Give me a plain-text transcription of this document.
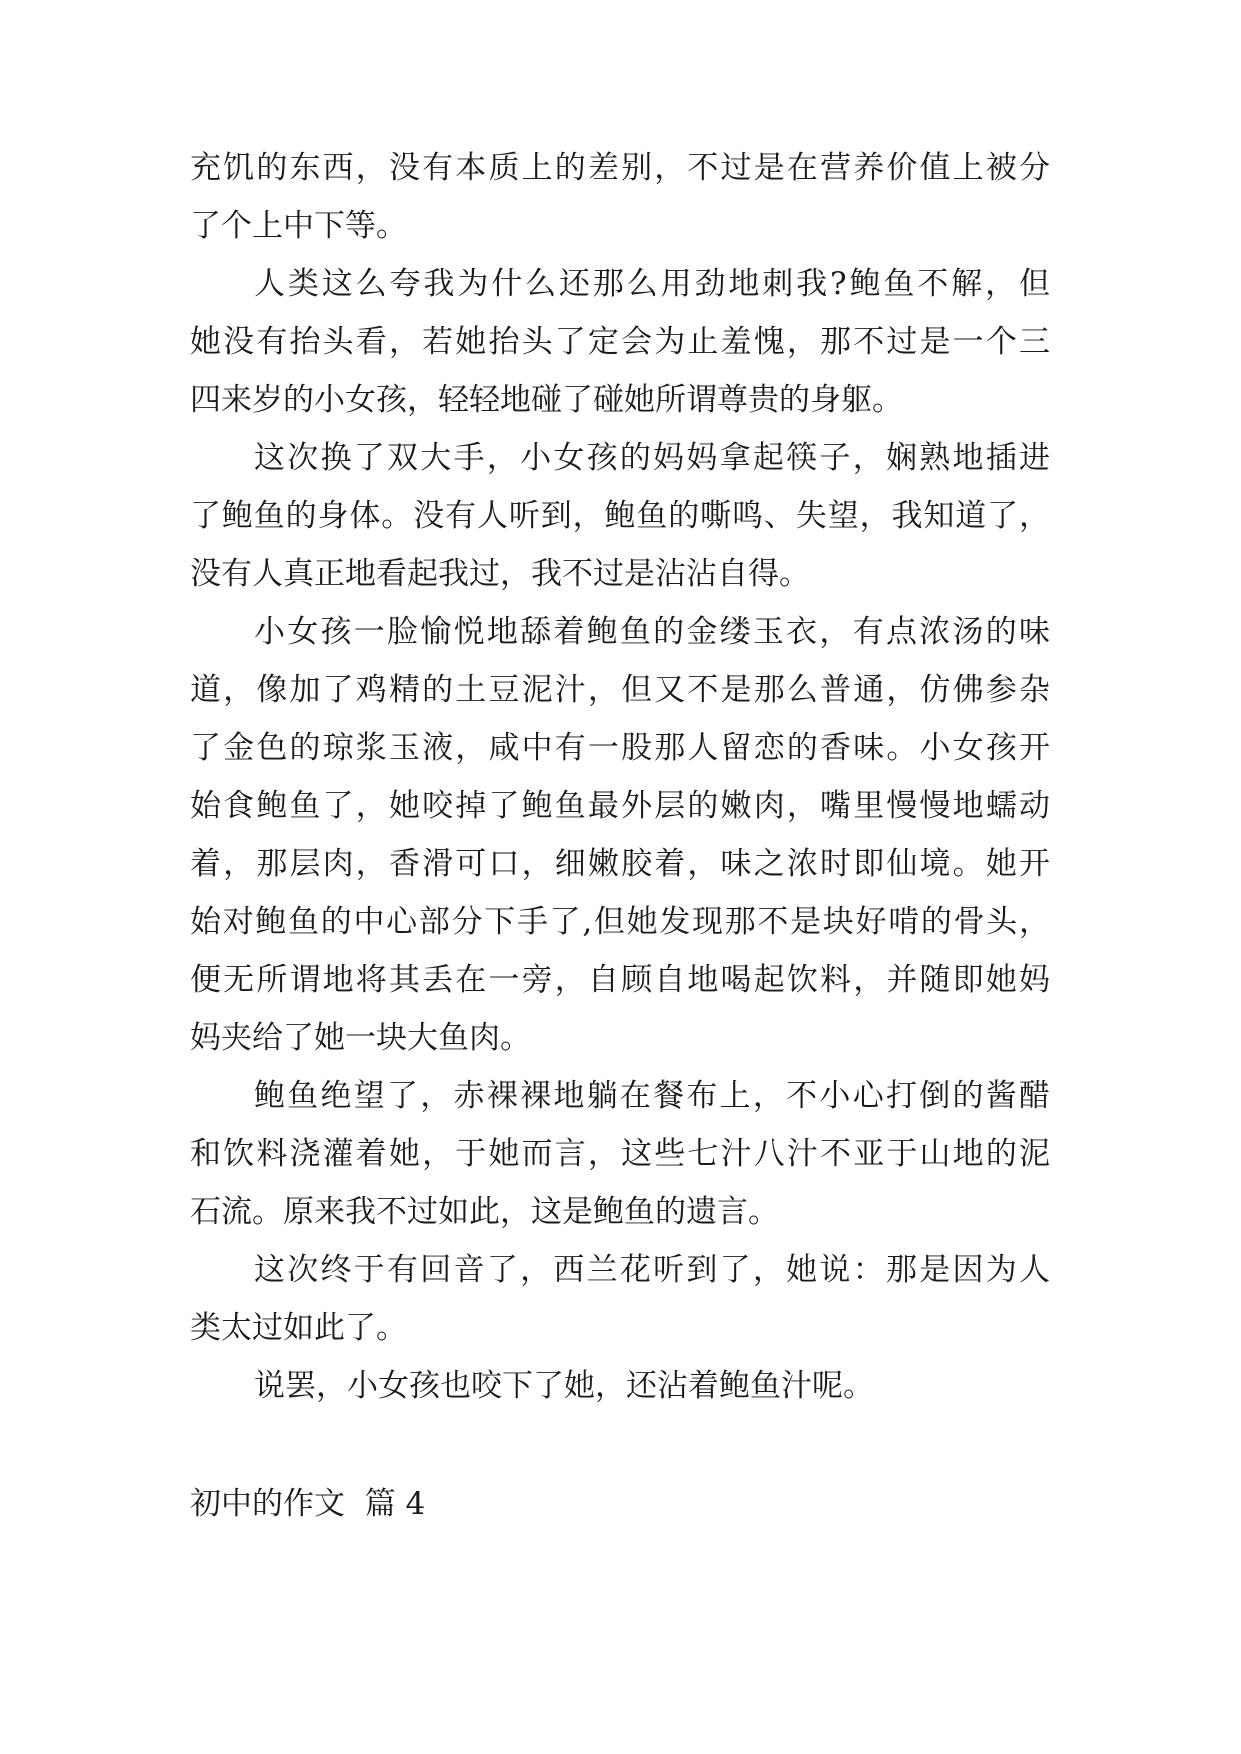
充饥的东西，没有本质上的差别，不过是在营养价值上被分
了个上中下等。
人类这么夸我为什么还那么用劲地刺我?鲍鱼不解，但
她没有抬头看，若她抬头了定会为止羞愧，那不过是一个三
四来岁的小女孩，轻轻地碰了碰她所谓尊贵的身躯。
这次换了双大手，小女孩的妈妈拿起筷子，娴熟地插进
了鲍鱼的身体。没有人听到，鲍鱼的嘶鸣、失望，我知道了，
没有人真正地看起我过，我不过是沾沾自得。
小女孩一脸愉悦地舔着鲍鱼的金缕玉衣，有点浓汤的味
道，像加了鸡精的土豆泥汁，但又不是那么普通，仿佛参杂
了金色的琼浆玉液，咸中有一股那人留恋的香味。小女孩开
始食鲍鱼了，她咬掉了鲍鱼最外层的嫩肉，嘴里慢慢地蠕动
着，那层肉，香滑可口，细嫩胶着，味之浓时即仙境。她开
始对鲍鱼的中心部分下手了,但她发现那不是块好啃的骨头，
便无所谓地将其丢在一旁，自顾自地喝起饮料，并随即她妈
妈夹给了她一块大鱼肉。
鲍鱼绝望了，赤裸裸地躺在餐布上，不小心打倒的酱醋
和饮料浇灌着她，于她而言，这些七汁八汁不亚于山地的泥
石流。原来我不过如此，这是鲍鱼的遗言。
这次终于有回音了，西兰花听到了，她说：那是因为人
类太过如此了。
说罢，小女孩也咬下了她，还沾着鲍鱼汁呢。
初中的作文  篇 4
